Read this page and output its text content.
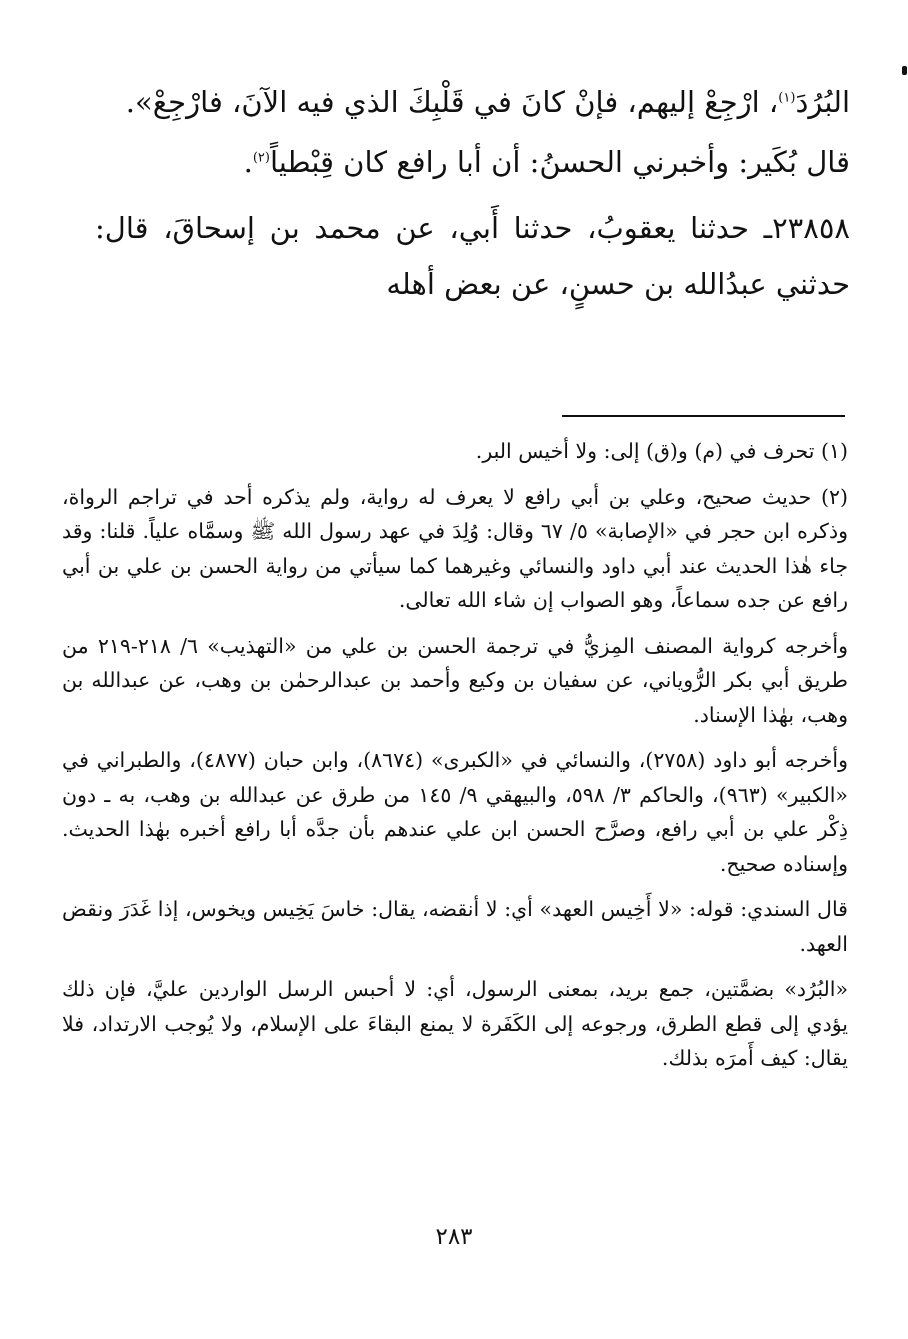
البُرُدَ$^{(١)}$، ارْجِعْ إليهم، فإنْ كانَ في قَلْبِكَ الذي فيه الآنَ، فارْجِعْ».

قال بُكَير: وأخبرني الحسنُ: أن أبا رافع كان قِبْطياً$^{(٢)}$.

٢٣٨٥٨ـ حدثنا يعقوبُ، حدثنا أَبي، عن محمد بن إسحاقَ، قال: حدثني عبدُالله بن حسنٍ، عن بعض أهله

(١) تحرف في (م) و(ق) إلى: ولا أخيس البر.

(٢) حديث صحيح، وعلي بن أبي رافع لا يعرف له رواية، ولم يذكره أحد في تراجم الرواة، وذكره ابن حجر في «الإصابة» ٥/ ٦٧ وقال: وُلِدَ في عهد رسول الله ﷺ وسمَّاه علياً. قلنا: وقد جاء هٰذا الحديث عند أبي داود والنسائي وغيرهما كما سيأتي من رواية الحسن بن علي بن أبي رافع عن جده سماعاً، وهو الصواب إن شاء الله تعالى.

وأخرجه كرواية المصنف المِزيُّ في ترجمة الحسن بن علي من «التهذيب» ٦/ ٢١٨-٢١٩ من طريق أبي بكر الرُّوياني، عن سفيان بن وكيع وأحمد بن عبدالرحمٰن بن وهب، عن عبدالله بن وهب، بهٰذا الإسناد.

وأخرجه أبو داود (٢٧٥٨)، والنسائي في «الكبرى» (٨٦٧٤)، وابن حبان (٤٨٧٧)، والطبراني في «الكبير» (٩٦٣)، والحاكم ٣/ ٥٩٨، والبيهقي ٩/ ١٤٥ من طرق عن عبدالله بن وهب، به ـ دون ذِكْر علي بن أبي رافع، وصرَّح الحسن ابن علي عندهم بأن جدَّه أبا رافع أخبره بهٰذا الحديث. وإسناده صحيح.

قال السندي: قوله: «لا أَخِيس العهد» أي: لا أنقضه، يقال: خاسَ يَخِيس ويخوس، إذا غَدَرَ ونقض العهد.

«البُرُد» بضمَّتين، جمع بريد، بمعنى الرسول، أي: لا أحبس الرسل الواردين عليَّ، فإن ذلك يؤدي إلى قطع الطرق، ورجوعه إلى الكَفَرة لا يمنع البقاءَ على الإسلام، ولا يُوجب الارتداد، فلا يقال: كيف أَمرَه بذلك.

٢٨٣
